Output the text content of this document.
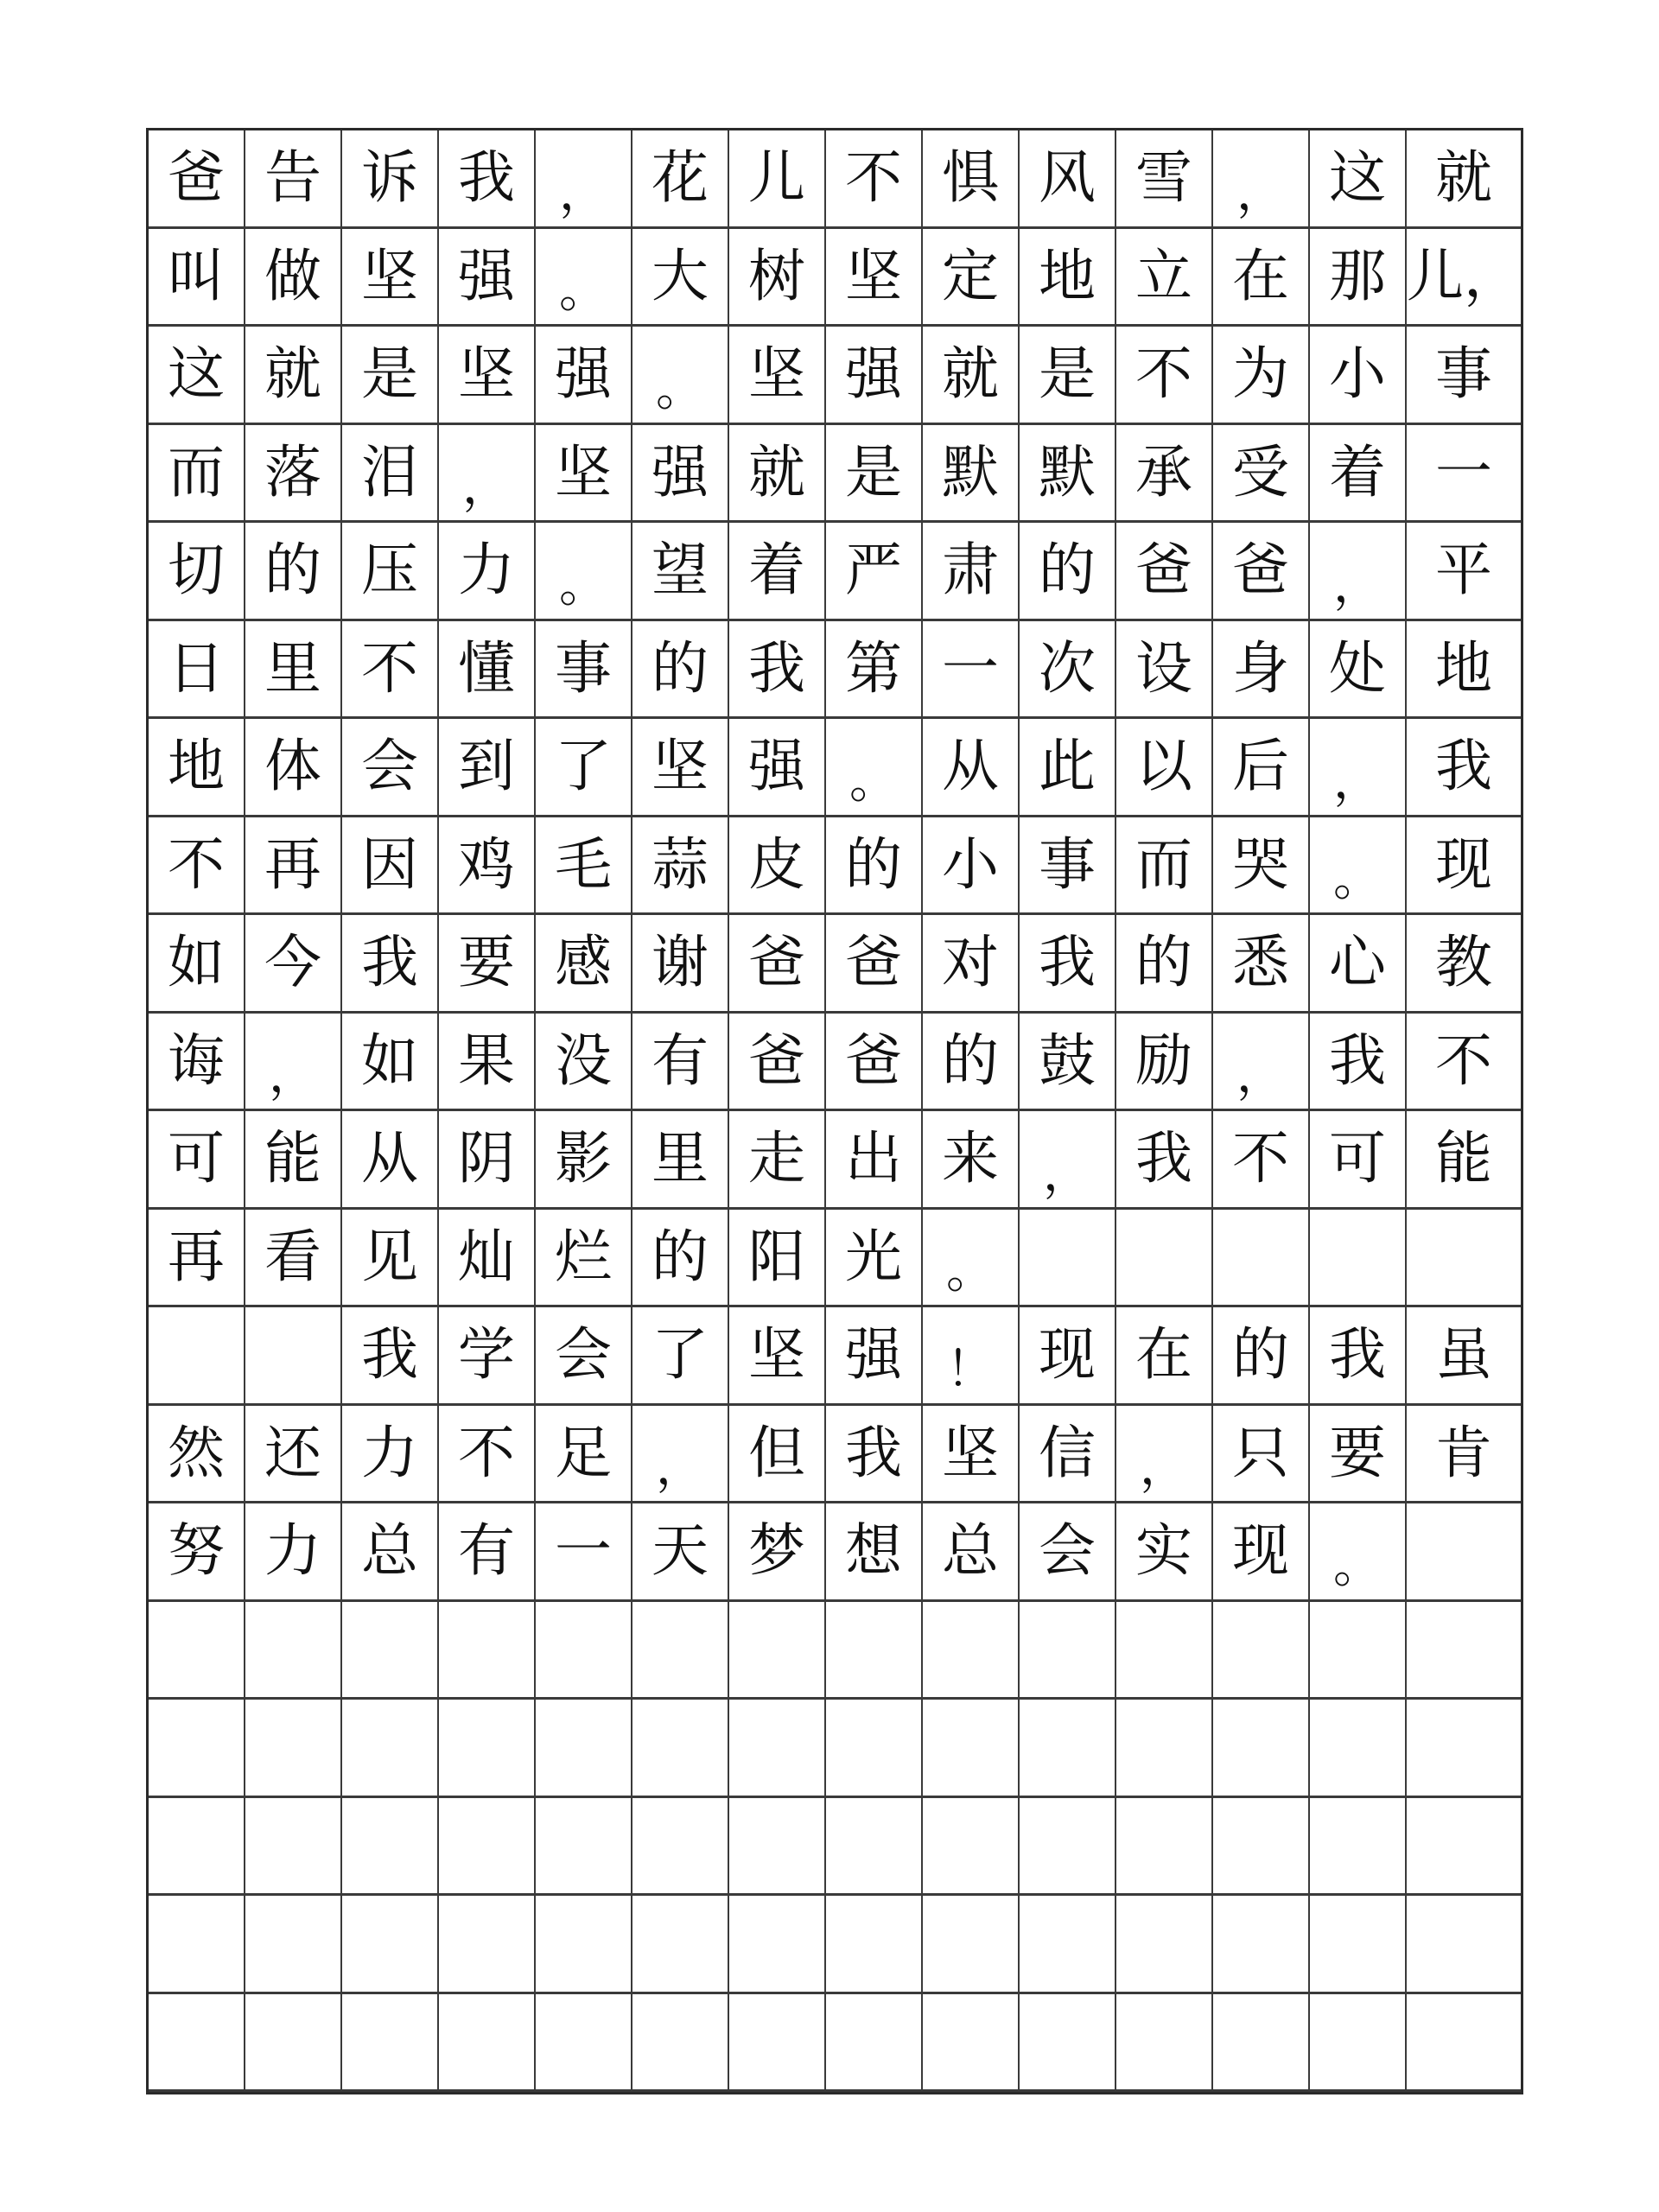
爸 告 诉 我 ， 花 儿 不 惧 风 雪 ， 这 就
叫 做 坚 强 。 大 树 坚 定 地 立 在 那 儿，
这 就 是 坚 强 。 坚 强 就 是 不 为 小 事
而 落 泪 ， 坚 强 就 是 默 默 承 受 着 一
切 的 压 力 。 望 着 严 肃 的 爸 爸 ， 平
日 里 不 懂 事 的 我 第 一 次 设 身 处 地
地 体 会 到 了 坚 强 。 从 此 以 后 ， 我
不 再 因 鸡 毛 蒜 皮 的 小 事 而 哭 。 现
如 今 我 要 感 谢 爸 爸 对 我 的 悉 心 教
诲 ， 如 果 没 有 爸 爸 的 鼓 励 ， 我 不
可 能 从 阴 影 里 走 出 来 ， 我 不 可 能
再 看 见 灿 烂 的 阳 光 。
我 学 会 了 坚 强 ！ 现 在 的 我 虽
然 还 力 不 足 ， 但 我 坚 信 ， 只 要 肯
努 力 总 有 一 天 梦 想 总 会 实 现 。
